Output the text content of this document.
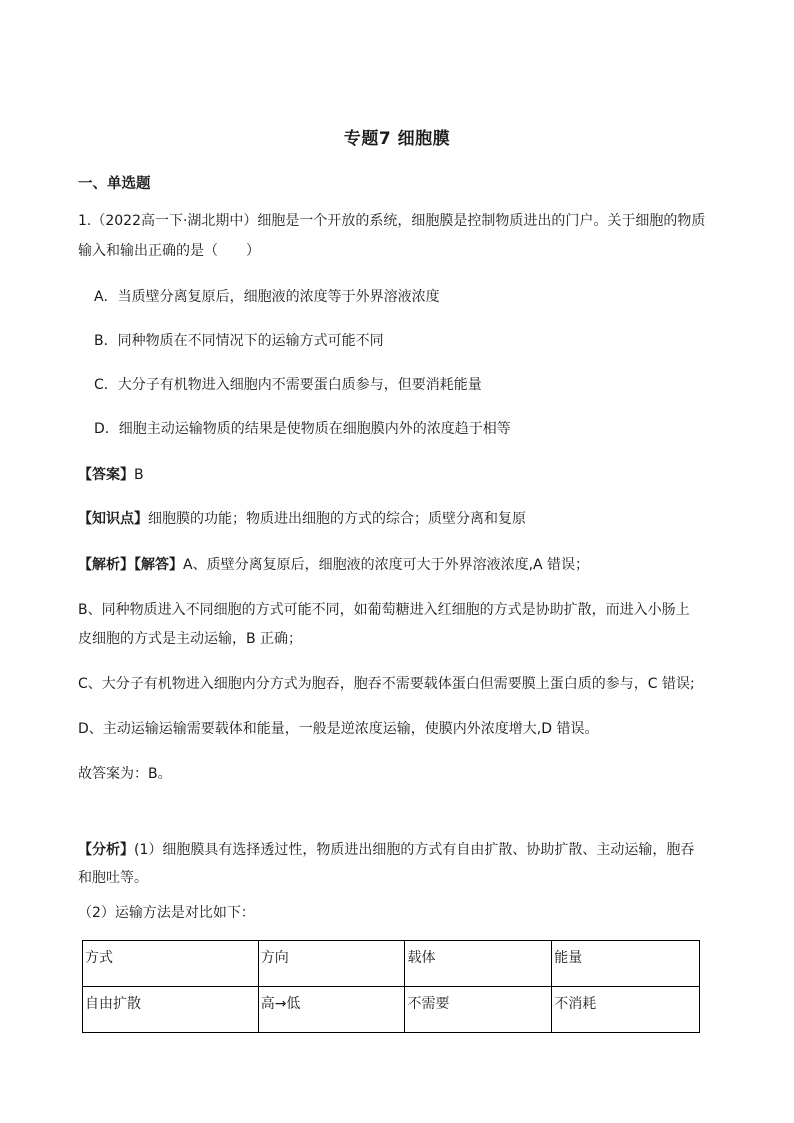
专题7 细胞膜
一、单选题
1.（2022高一下·湖北期中）细胞是一个开放的系统，细胞膜是控制物质进出的门户。关于细胞的物质
输入和输出正确的是（　　）
A．当质壁分离复原后，细胞液的浓度等于外界溶液浓度
B．同种物质在不同情况下的运输方式可能不同
C．大分子有机物进入细胞内不需要蛋白质参与，但要消耗能量
D．细胞主动运输物质的结果是使物质在细胞膜内外的浓度趋于相等
【答案】B
【知识点】细胞膜的功能；物质进出细胞的方式的综合；质壁分离和复原
【解析】【解答】A、质壁分离复原后，细胞液的浓度可大于外界溶液浓度,A 错误；
B、同种物质进入不同细胞的方式可能不同，如葡萄糖进入红细胞的方式是协助扩散，而进入小肠上
皮细胞的方式是主动运输，B 正确；
C、大分子有机物进入细胞内分方式为胞吞，胞吞不需要载体蛋白但需要膜上蛋白质的参与，C 错误;
D、主动运输运输需要载体和能量，一般是逆浓度运输，使膜内外浓度增大,D 错误。
故答案为：B。
【分析】(1）细胞膜具有选择透过性，物质进出细胞的方式有自由扩散、协助扩散、主动运输，胞吞
和胞吐等。
（2）运输方法是对比如下：
方式	方向	载体	能量
自由扩散	高→低	不需要	不消耗
